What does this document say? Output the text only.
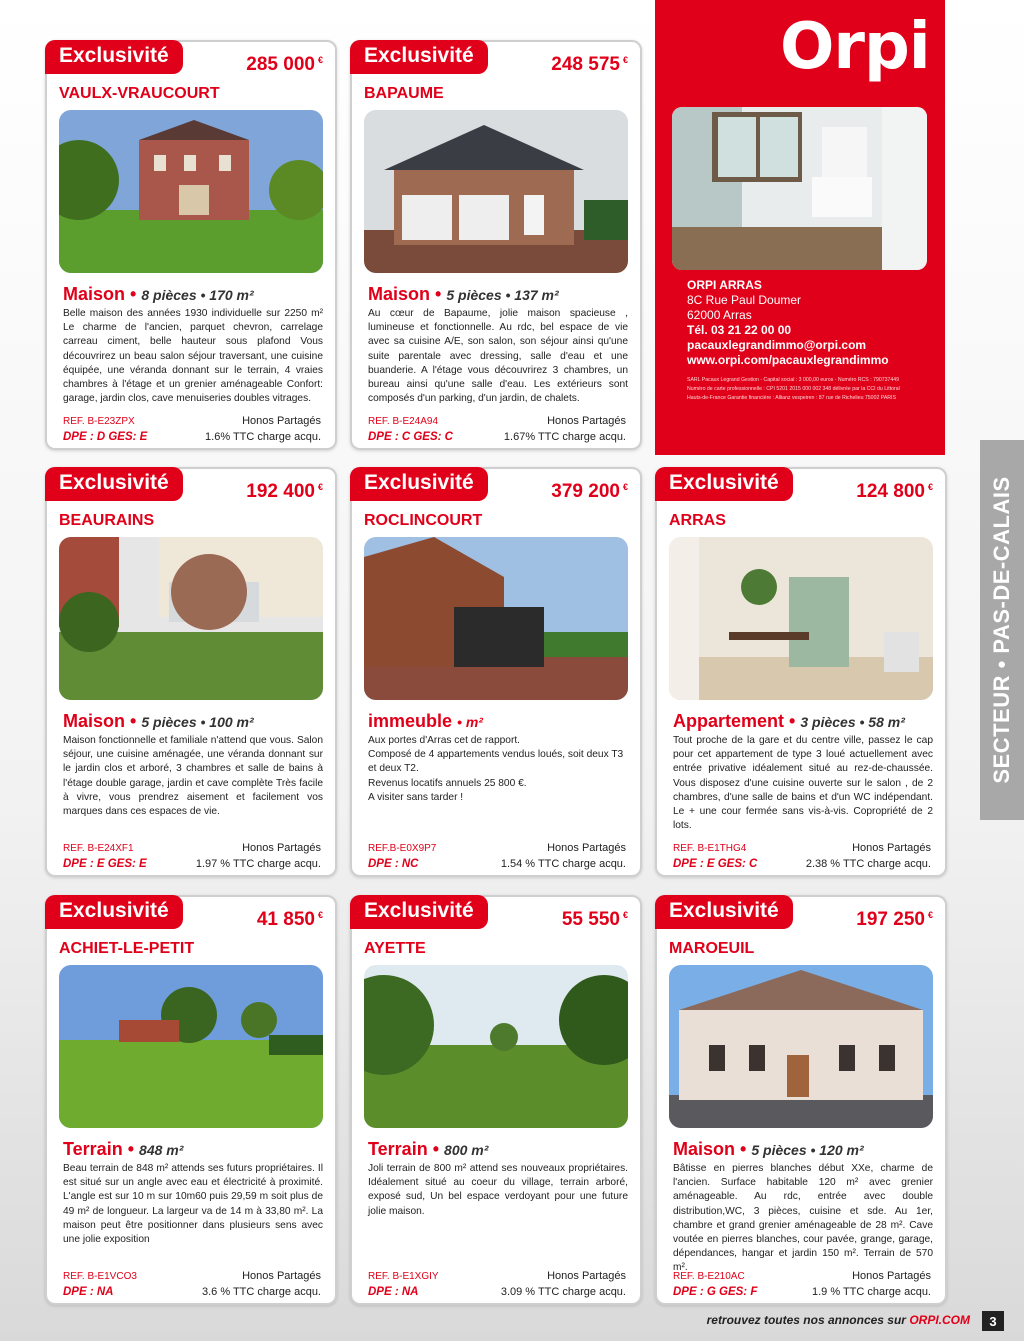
Exclusivité	285 000 €
VAULX-VRAUCOURT
Maison • 8 pièces • 170 m²
Belle maison des années 1930 individuelle sur 2250 m² Le charme de l'ancien, parquet chevron, carrelage carreau ciment, belle hauteur sous plafond Vous découvrirez un beau salon séjour traversant, une cuisine équipée, une véranda donnant sur le terrain, 4 vraies chambres à l'étage et un grenier aménageable Confort: garage, jardin clos, cave menuiseries doubles vitrages.
REF. B-E23ZPX	Honos Partagés
DPE : D GES: E	1.6% TTC charge acqu.
Exclusivité	248 575 €
BAPAUME
Maison • 5 pièces • 137 m²
Au cœur de Bapaume, jolie maison spacieuse , lumineuse et fonctionnelle. Au rdc, bel espace de vie avec sa cuisine A/E, son salon, son séjour ainsi qu'une suite parentale avec dressing, salle d'eau et une buanderie. A l'étage vous découvrirez 3 chambres, un bureau ainsi qu'une salle d'eau. Les extérieurs sont composés d'un parking, d'un jardin, de chalets.
REF. B-E24A94	Honos Partagés
DPE : C GES: C	1.67% TTC charge acqu.
Orpi
ORPI ARRAS
8C Rue Paul Doumer
62000 Arras
Tél. 03 21 22 00 00
pacauxlegrandimmo@orpi.com
www.orpi.com/pacauxlegrandimmo
SARL Pacaux Legrand Gestion - Capital social : 3 000,00 euros - Numéro RCS : 790737449
Numéro de carte professionnelle : CPI 5201 2015 000 002 348 délivrée par la CCI du Littoral
Hauts-de-France Garantie financière : Allianz vespeiren : 87 rue de Richelieu 75002 PARIS
Exclusivité	192 400 €
BEAURAINS
Maison • 5 pièces • 100 m²
Maison fonctionnelle et familiale n'attend que vous. Salon séjour, une cuisine aménagée, une véranda donnant sur le jardin clos et arboré, 3 chambres et salle de bains à l'étage double garage, jardin et cave complète Très facile à vivre, vous prendrez aisement et facilement vos marques dans ces espaces de vie.
REF. B-E24XF1	Honos Partagés
DPE : E GES: E	1.97 % TTC charge acqu.
Exclusivité	379 200 €
ROCLINCOURT
immeuble • m²
Aux portes d'Arras cet de rapport.
Composé de 4 appartements vendus loués, soit deux T3 et deux T2.
Revenus locatifs annuels 25 800 €.
A visiter sans tarder !
REF.B-E0X9P7	Honos Partagés
DPE : NC	1.54 % TTC charge acqu.
Exclusivité	124 800 €
ARRAS
Appartement • 3 pièces • 58 m²
Tout proche de la gare et du centre ville, passez le cap pour cet appartement de type 3 loué actuellement avec entrée privative idéalement situé au rez-de-chaussée. Vous disposez d'une cuisine ouverte sur le salon , de 2 chambres, d'une salle de bains et d'un WC indépendant. Le + une cour fermée sans vis-à-vis. Copropriété de 2 lots.
REF. B-E1THG4	Honos Partagés
DPE : E GES: C	2.38 % TTC charge acqu.
Exclusivité	41 850 €
ACHIET-LE-PETIT
Terrain • 848 m²
Beau terrain de 848 m² attends ses futurs propriétaires. Il est situé sur un angle avec eau et électricité à proximité. L'angle est sur 10 m sur 10m60 puis 29,59 m soit plus de 49 m² de longueur. La largeur va de 14 m à 33,80 m². La maison peut être positionner dans plusieurs sens avec une jolie exposition
REF. B-E1VCO3	Honos Partagés
DPE : NA	3.6 % TTC charge acqu.
Exclusivité	55 550 €
AYETTE
Terrain • 800 m²
Joli terrain de 800 m² attend ses nouveaux propriétaires. Idéalement situé au coeur du village, terrain arboré, exposé sud, Un bel espace verdoyant pour une future jolie maison.
REF. B-E1XGIY	Honos Partagés
DPE : NA	3.09 % TTC charge acqu.
Exclusivité	197 250 €
MAROEUIL
Maison • 5 pièces • 120 m²
Bâtisse en pierres blanches début XXe, charme de l'ancien. Surface habitable 120 m² avec grenier aménageable. Au rdc, entrée avec double distribution,WC, 3 pièces, cuisine et sde. Au 1er, chambre et grand grenier aménageable de 28 m². Cave voutée en pierres blanches, cour pavée, grange, garage, dépendances, hangar et jardin 150 m². Terrain de 570 m².
REF. B-E210AC	Honos Partagés
DPE : G GES: F	1.9 % TTC charge acqu.
SECTEUR • PAS-DE-CALAIS
retrouvez toutes nos annonces sur ORPI.COM	3
